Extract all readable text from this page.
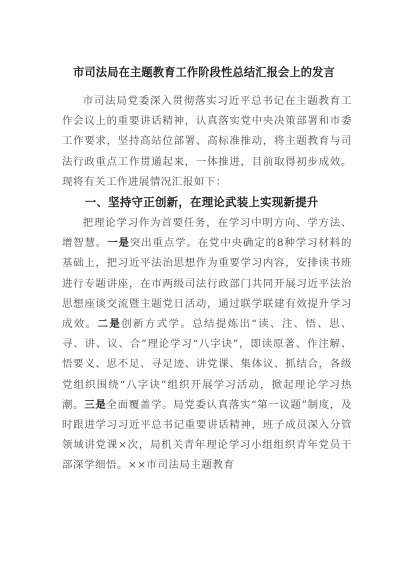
市司法局在主题教育工作阶段性总结汇报会上的发言

市司法局党委深入贯彻落实习近平总书记在主题教育工作会议上的重要讲话精神，认真落实党中央决策部署和市委工作要求，坚持高站位部署、高标准推动，将主题教育与司法行政重点工作贯通起来，一体推进，目前取得初步成效。现将有关工作进展情况汇报如下：

一、坚持守正创新，在理论武装上实现新提升

把理论学习作为首要任务，在学习中明方向、学方法、增智慧。一是突出重点学。在党中央确定的8种学习材料的基础上，把习近平法治思想作为重要学习内容，安排读书班进行专题讲座，在市两级司法行政部门共同开展习近平法治思想座谈交流暨主题党日活动，通过联学联建有效提升学习成效。二是创新方式学。总结提炼出“读、注、悟、思、寻、讲、议、合”理论学习“八字诀”，即读原著、作注解、悟要义、思不足、寻足迹、讲党课、集体议、抓结合，各级党组织围绕“八字诀”组织开展学习活动，掀起理论学习热潮。三是全面覆盖学。局党委认真落实“第一议题”制度，及时跟进学习习近平总书记重要讲话精神，班子成员深入分管领域讲党课×次，局机关青年理论学习小组组织青年党员干部深学细悟。××市司法局主题教育
